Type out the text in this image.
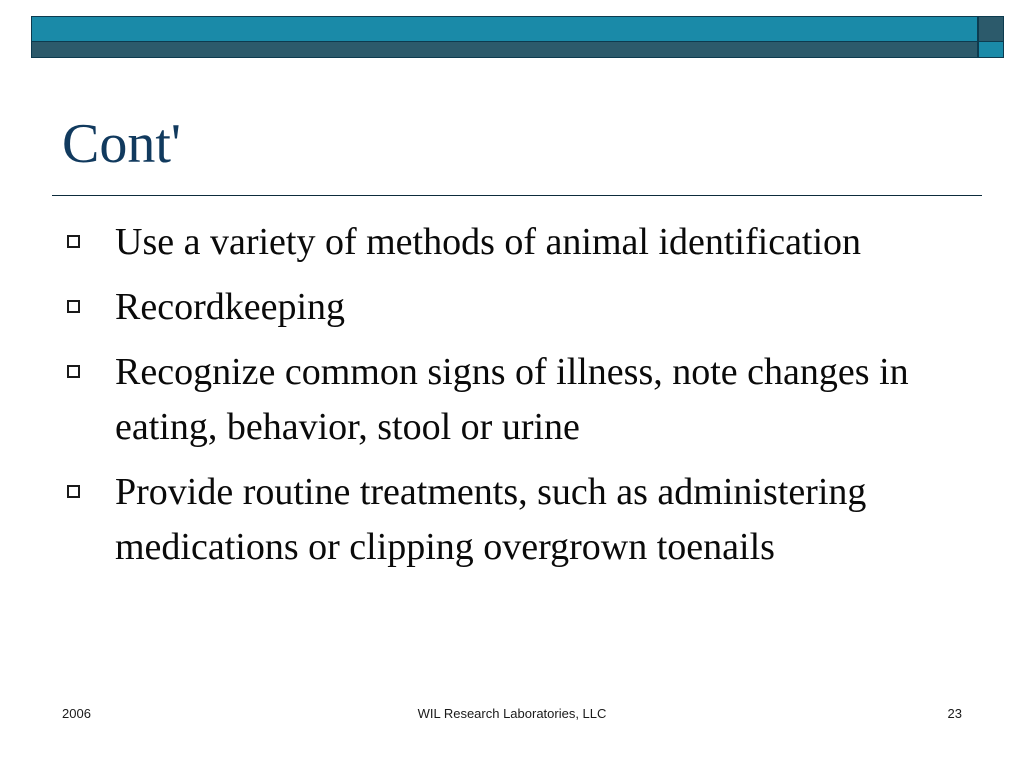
Cont'
Use a variety of methods of animal identification
Recordkeeping
Recognize common signs of illness, note changes in eating, behavior, stool or urine
Provide routine treatments, such as administering medications or clipping overgrown toenails
2006	WIL Research Laboratories, LLC	23
